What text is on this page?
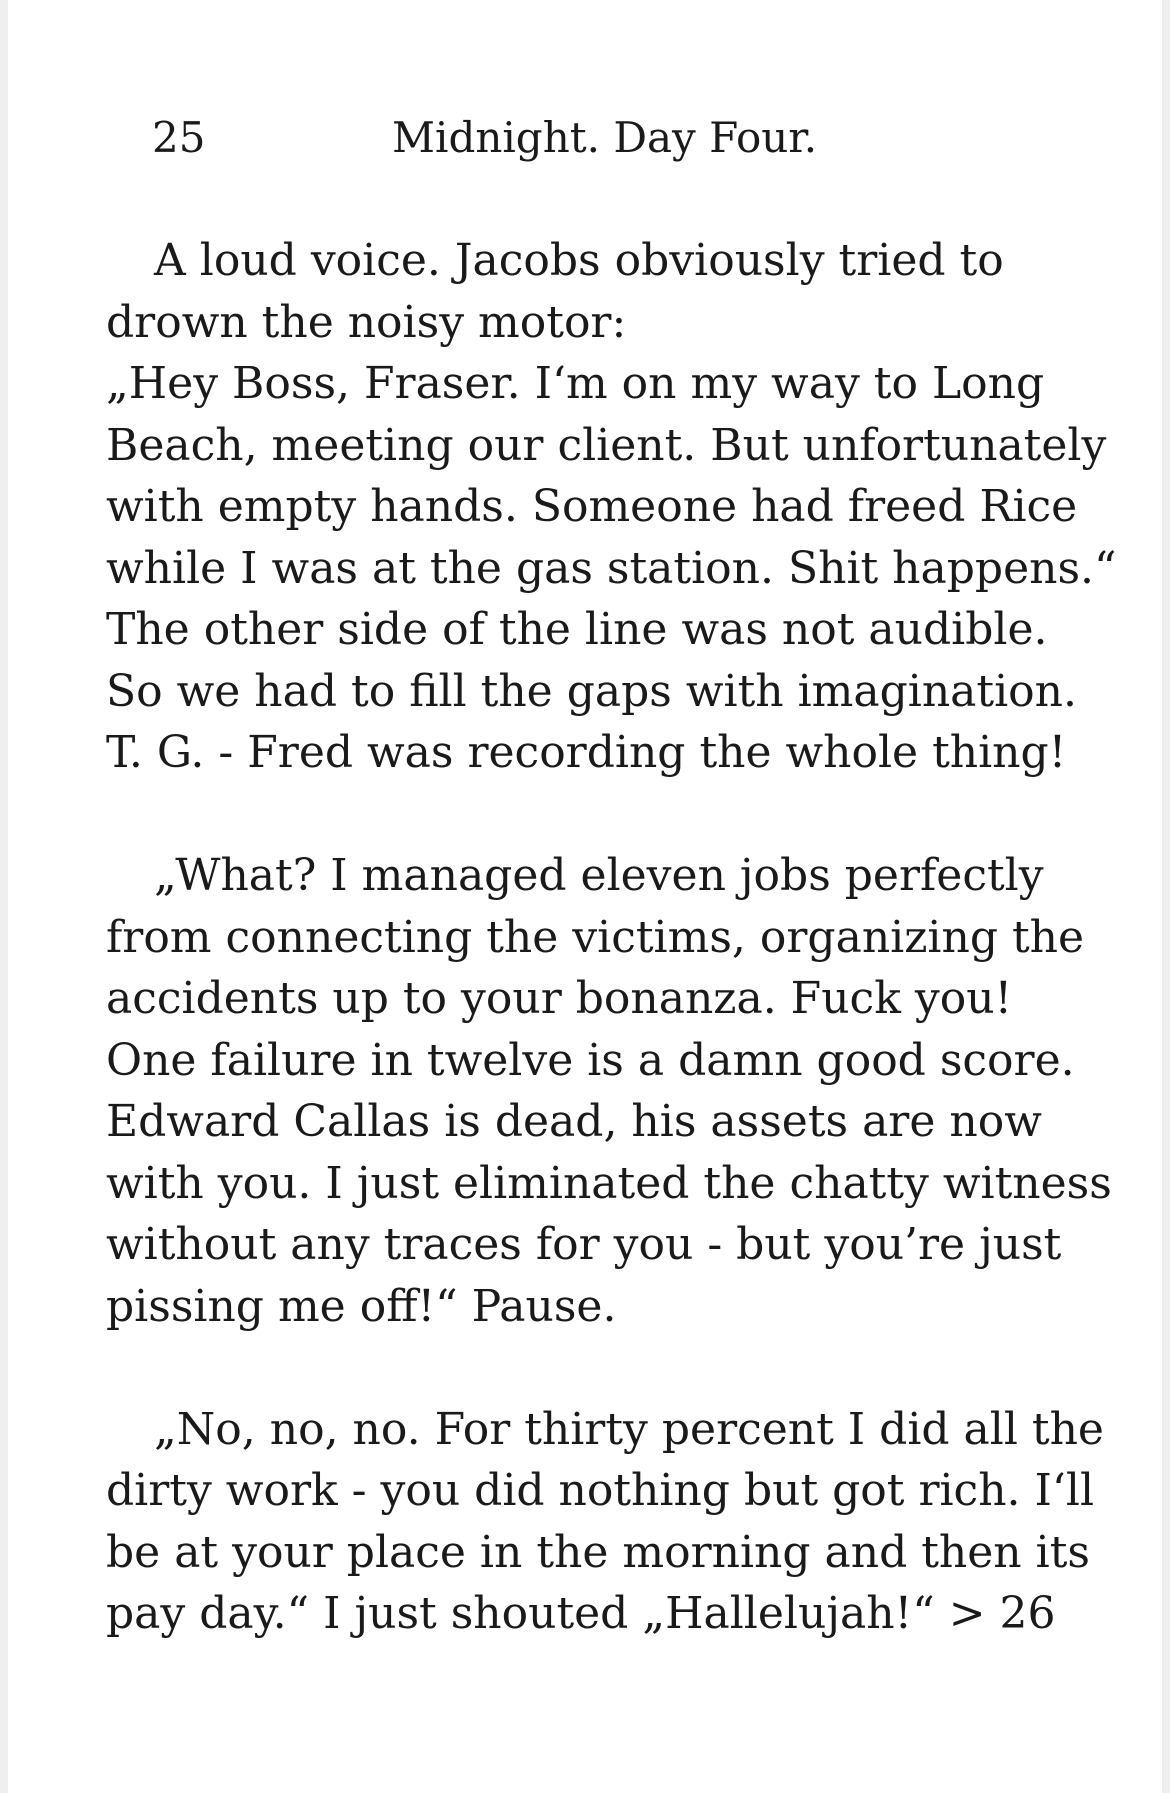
25	Midnight. Day Four.
A loud voice. Jacobs obviously tried to
drown the noisy motor:
„Hey Boss, Fraser. I‘m on my way to Long
Beach, meeting our client. But unfortunately
with empty hands. Someone had freed Rice
while I was at the gas station. Shit happens.“
The other side of the line was not audible.
So we had to fill the gaps with imagination.
T. G. - Fred was recording the whole thing!
„What? I managed eleven jobs perfectly
from connecting the victims, organizing the
accidents up to your bonanza. Fuck you!
One failure in twelve is a damn good score.
Edward Callas is dead, his assets are now
with you. I just eliminated the chatty witness
without any traces for you - but you’re just
pissing me off!“ Pause.
„No, no, no. For thirty percent I did all the
dirty work - you did nothing but got rich. I‘ll
be at your place in the morning and then its
pay day.“ I just shouted „Hallelujah!“ > 26
